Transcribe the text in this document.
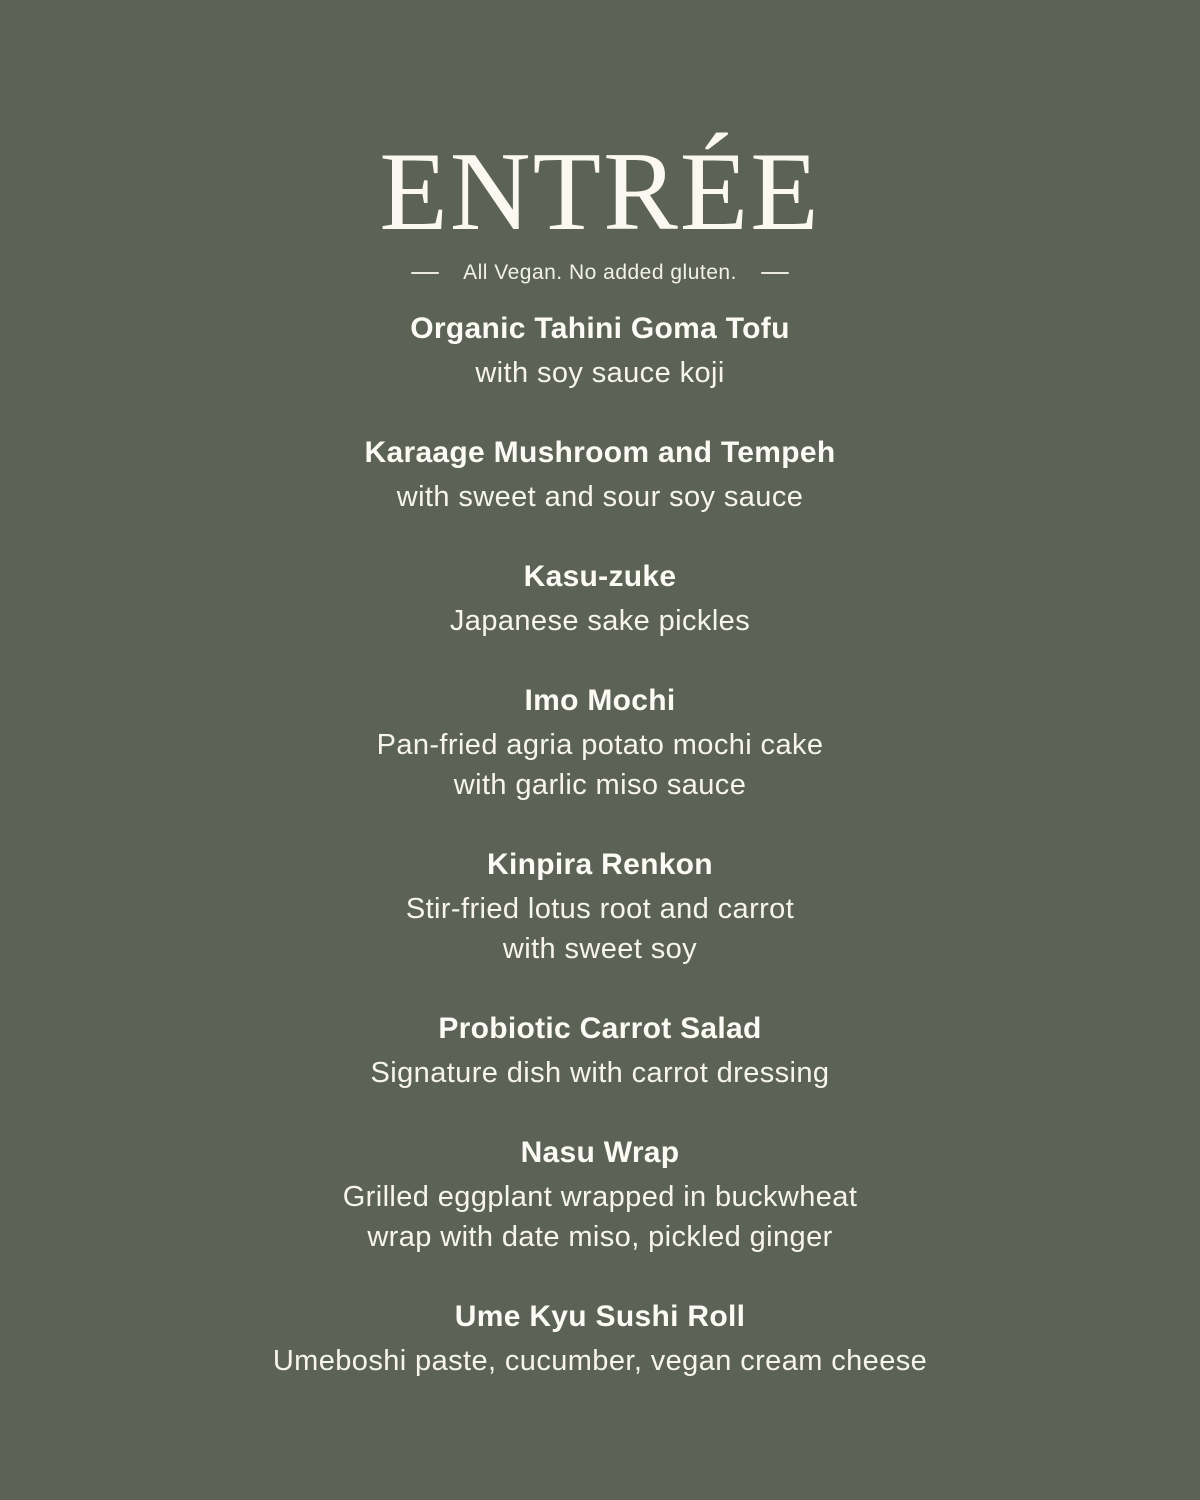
ENTRÉE
All Vegan. No added gluten.
Organic Tahini Goma Tofu
with soy sauce koji
Karaage Mushroom and Tempeh
with sweet and sour soy sauce
Kasu-zuke
Japanese sake pickles
Imo Mochi
Pan-fried agria potato mochi cake
with garlic miso sauce
Kinpira Renkon
Stir-fried lotus root and carrot
with sweet soy
Probiotic Carrot Salad
Signature dish with carrot dressing
Nasu Wrap
Grilled eggplant wrapped in buckwheat
wrap with date miso, pickled ginger
Ume Kyu Sushi Roll
Umeboshi paste, cucumber, vegan cream cheese
